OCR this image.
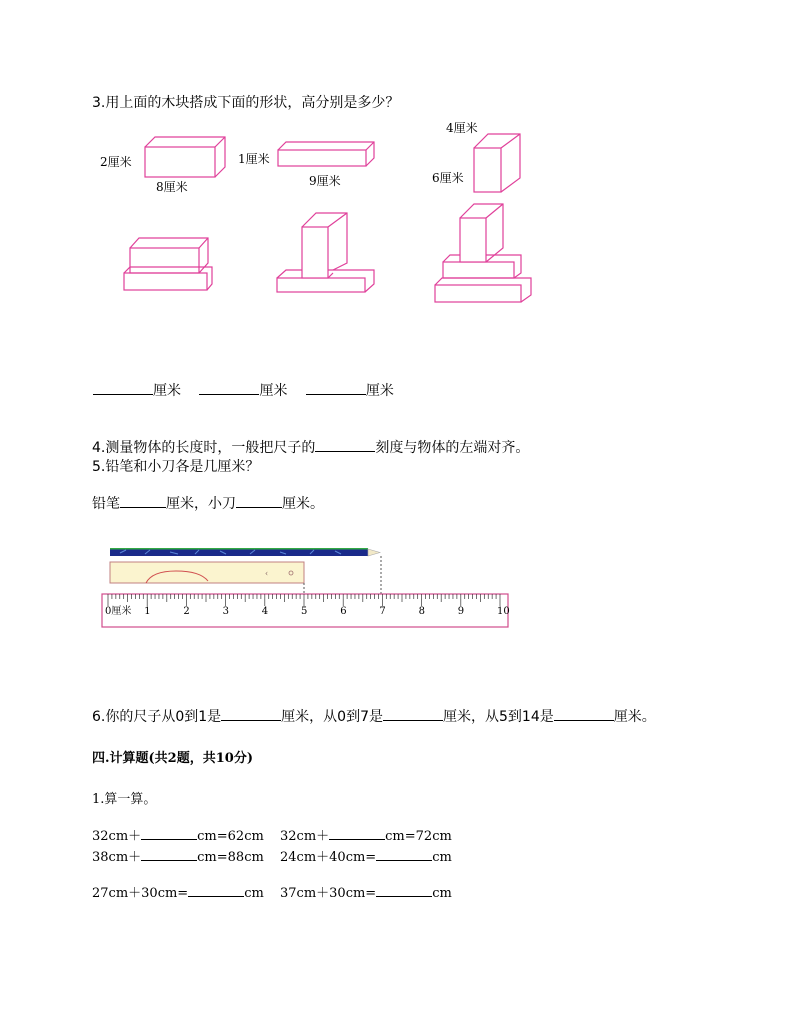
3.用上面的木块搭成下面的形状，高分别是多少？
2厘米
8厘米
1厘米
9厘米
4厘米
6厘米
厘米	厘米	厘米
4.测量物体的长度时，一般把尺子的	刻度与物体的左端对齐。
5.铅笔和小刀各是几厘米？
铅笔	厘米，小刀	厘米。
‹
0厘米 1	2	3	4	5	6	7	8	9	10
6.你的尺子从0到1是	厘米，从0到7是	厘米，从5到14是	厘米。
四.计算题(共2题，共10分)
1.算一算。
32cm＋	cm=62cm 32cm＋	cm=72cm
38cm＋	cm=88cm 24cm＋40cm=	cm
27cm＋30cm=	cm 37cm＋30cm=	cm
